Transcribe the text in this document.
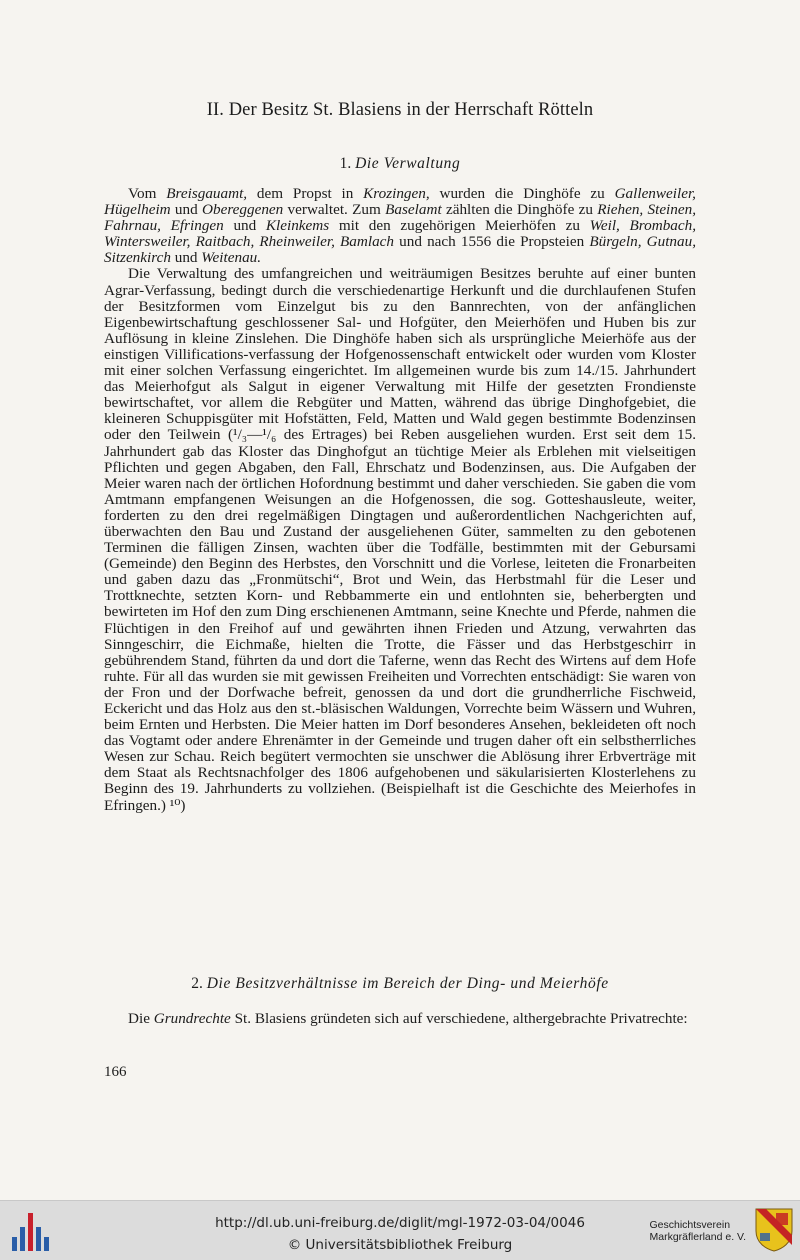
II. Der Besitz St. Blasiens in der Herrschaft Rötteln
1. Die Verwaltung

Vom Breisgauamt, dem Propst in Krozingen, wurden die Dinghöfe zu Gallenweiler, Hügelheim und Obereggenen verwaltet. Zum Baselamt zählten die Dinghöfe zu Riehen, Steinen, Fahrnau, Efringen und Kleinkems mit den zugehörigen Meierhöfen zu Weil, Brombach, Wintersweiler, Raitbach, Rheinweiler, Bamlach und nach 1556 die Propsteien Bürgeln, Gutnau, Sitzenkirch und Weitenau.

Die Verwaltung des umfangreichen und weiträumigen Besitzes beruhte auf einer bunten Agrar-Verfassung, bedingt durch die verschiedenartige Herkunft und die durchlaufenen Stufen der Besitzformen vom Einzelgut bis zu den Bannrechten, von der anfänglichen Eigenbewirtschaftung geschlossener Sal- und Hofgüter, den Meierhöfen und Huben bis zur Auflösung in kleine Zinslehen. Die Dinghöfe haben sich als ursprüngliche Meierhöfe aus der einstigen Villifications-verfassung der Hofgenossenschaft entwickelt oder wurden vom Kloster mit einer solchen Verfassung eingerichtet. Im allgemeinen wurde bis zum 14./15. Jahrhundert das Meierhofgut als Salgut in eigener Verwaltung mit Hilfe der gesetzten Frondienste bewirtschaftet, vor allem die Rebgüter und Matten, während das übrige Dinghofgebiet, die kleineren Schuppisgüter mit Hofstätten, Feld, Matten und Wald gegen bestimmte Bodenzinsen oder den Teilwein (¹/₃—¹/₆ des Ertrages) bei Reben ausgeliehen wurden. Erst seit dem 15. Jahrhundert gab das Kloster das Dinghofgut an tüchtige Meier als Erblehen mit vielseitigen Pflichten und gegen Abgaben, den Fall, Ehrschatz und Bodenzinsen, aus. Die Aufgaben der Meier waren nach der örtlichen Hofordnung bestimmt und daher verschieden. Sie gaben die vom Amtmann empfangenen Weisungen an die Hofgenossen, die sog. Gotteshausleute, weiter, forderten zu den drei regelmäßigen Dingtagen und außerordentlichen Nachgerichten auf, überwachten den Bau und Zustand der ausgeliehenen Güter, sammelten zu den gebotenen Terminen die fälligen Zinsen, wachten über die Todfälle, bestimmten mit der Gebursami (Gemeinde) den Beginn des Herbstes, den Vorschnitt und die Vorlese, leiteten die Fronarbeiten und gaben dazu das „Fronmütschi“, Brot und Wein, das Herbstmahl für die Leser und Trottknechte, setzten Korn- und Rebbammerte ein und entlohnten sie, beherbergten und bewirteten im Hof den zum Ding erschienenen Amtmann, seine Knechte und Pferde, nahmen die Flüchtigen in den Freihof auf und gewährten ihnen Frieden und Atzung, verwahrten das Sinngeschirr, die Eichmaße, hielten die Trotte, die Fässer und das Herbstgeschirr in gebührendem Stand, führten da und dort die Taferne, wenn das Recht des Wirtens auf dem Hofe ruhte. Für all das wurden sie mit gewissen Freiheiten und Vorrechten entschädigt: Sie waren von der Fron und der Dorfwache befreit, genossen da und dort die grundherrliche Fischweid, Eckericht und das Holz aus den st.-bläsischen Waldungen, Vorrechte beim Wässern und Wuhren, beim Ernten und Herbsten. Die Meier hatten im Dorf besonderes Ansehen, bekleideten oft noch das Vogtamt oder andere Ehrenämter in der Gemeinde und trugen daher oft ein selbstherrliches Wesen zur Schau. Reich begütert vermochten sie unschwer die Ablösung ihrer Erbverträge mit dem Staat als Rechtsnachfolger des 1806 aufgehobenen und säkularisierten Klosterlehens zu Beginn des 19. Jahrhunderts zu vollziehen. (Beispielhaft ist die Geschichte des Meierhofes in Efringen.) ¹⁰)

2. Die Besitzverhältnisse im Bereich der Ding- und Meierhöfe

Die Grundrechte St. Blasiens gründeten sich auf verschiedene, althergebrachte Privatrechte:

166
http://dl.ub.uni-freiburg.de/diglit/mgl-1972-03-04/0046
© Universitätsbibliothek Freiburg
Geschichtsverein
Markgräflerland e. V.
